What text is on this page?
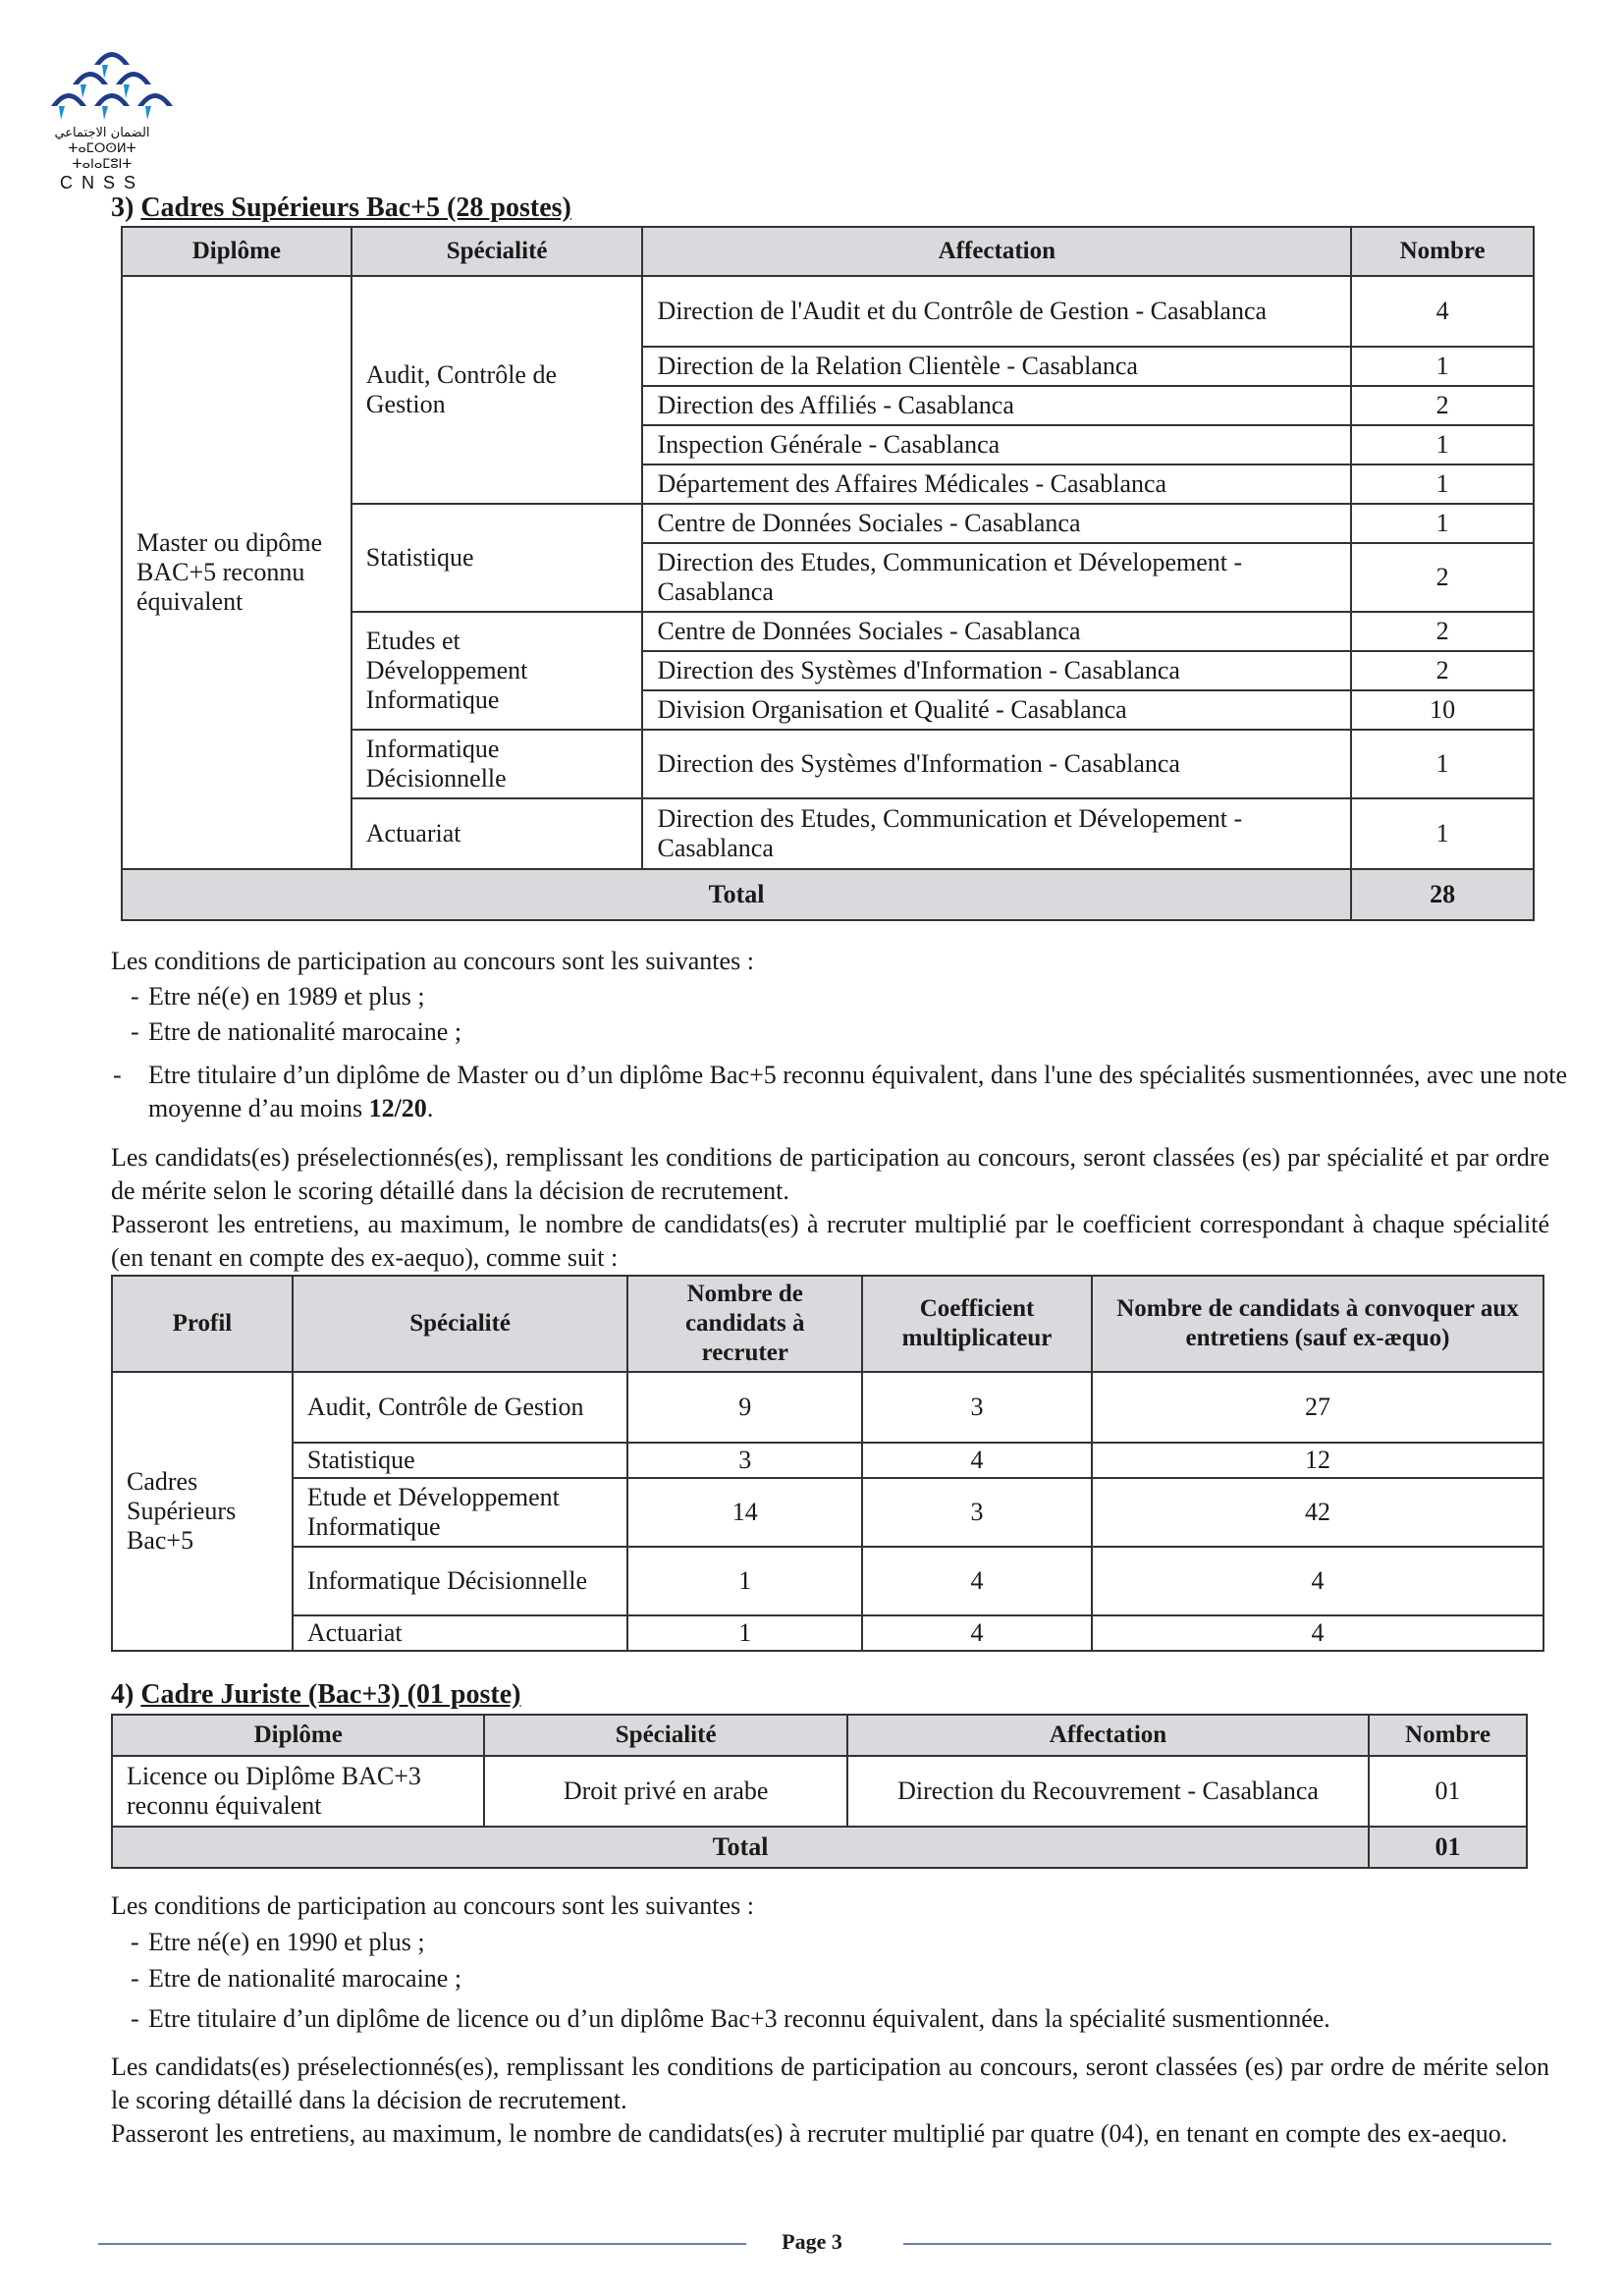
الضمان الاجتماعي
ⵜⴰⵎⵔⵙⵍⵜ ⵜⴰⵏⴰⵎⵓⵏⵜ
CNSS
3) Cadres Supérieurs Bac+5 (28 postes)
Diplôme	Spécialité	Affectation	Nombre
Master ou dipôme BAC+5 reconnu équivalent	Audit, Contrôle de Gestion	Direction de l'Audit et du Contrôle de Gestion - Casablanca	4
		Direction de la Relation Clientèle - Casablanca	1
		Direction des Affiliés - Casablanca	2
		Inspection Générale - Casablanca	1
		Département des Affaires Médicales - Casablanca	1
	Statistique	Centre de Données Sociales - Casablanca	1
		Direction des Etudes, Communication et Dévelopement - Casablanca	2
	Etudes et Développement Informatique	Centre de Données Sociales - Casablanca	2
		Direction des Systèmes d'Information - Casablanca	2
		Division Organisation et Qualité - Casablanca	10
	Informatique Décisionnelle	Direction des Systèmes d'Information - Casablanca	1
	Actuariat	Direction des Etudes, Communication et Dévelopement - Casablanca	1
Total			28
Les conditions de participation au concours sont les suivantes :
- Etre né(e) en 1989 et plus ;
- Etre de nationalité marocaine ;
- Etre titulaire d’un diplôme de Master ou d’un diplôme Bac+5 reconnu équivalent, dans l'une des spécialités susmentionnées, avec une note moyenne d’au moins 12/20.
Les candidats(es) préselectionnés(es), remplissant les conditions de participation au concours, seront classées (es) par spécialité et par ordre de mérite selon le scoring détaillé dans la décision de recrutement.
Passeront les entretiens, au maximum, le nombre de candidats(es) à recruter multiplié par le coefficient correspondant à chaque spécialité (en tenant en compte des ex-aequo), comme suit :
Profil	Spécialité	Nombre de candidats à recruter	Coefficient multiplicateur	Nombre de candidats à convoquer aux entretiens (sauf ex-æquo)
Cadres Supérieurs Bac+5	Audit, Contrôle de Gestion	9	3	27
	Statistique	3	4	12
	Etude et Développement Informatique	14	3	42
	Informatique Décisionnelle	1	4	4
	Actuariat	1	4	4
4) Cadre Juriste (Bac+3) (01 poste)
Diplôme	Spécialité	Affectation	Nombre
Licence ou Diplôme BAC+3 reconnu équivalent	Droit privé en arabe	Direction du Recouvrement - Casablanca	01
Total			01
Les conditions de participation au concours sont les suivantes :
- Etre né(e) en 1990 et plus ;
- Etre de nationalité marocaine ;
- Etre titulaire d’un diplôme de licence ou d’un diplôme Bac+3 reconnu équivalent, dans la spécialité susmentionnée.
Les candidats(es) préselectionnés(es), remplissant les conditions de participation au concours, seront classées (es) par ordre de mérite selon le scoring détaillé dans la décision de recrutement.
Passeront les entretiens, au maximum, le nombre de candidats(es) à recruter multiplié par quatre (04), en tenant en compte des ex-aequo.
Page 3
